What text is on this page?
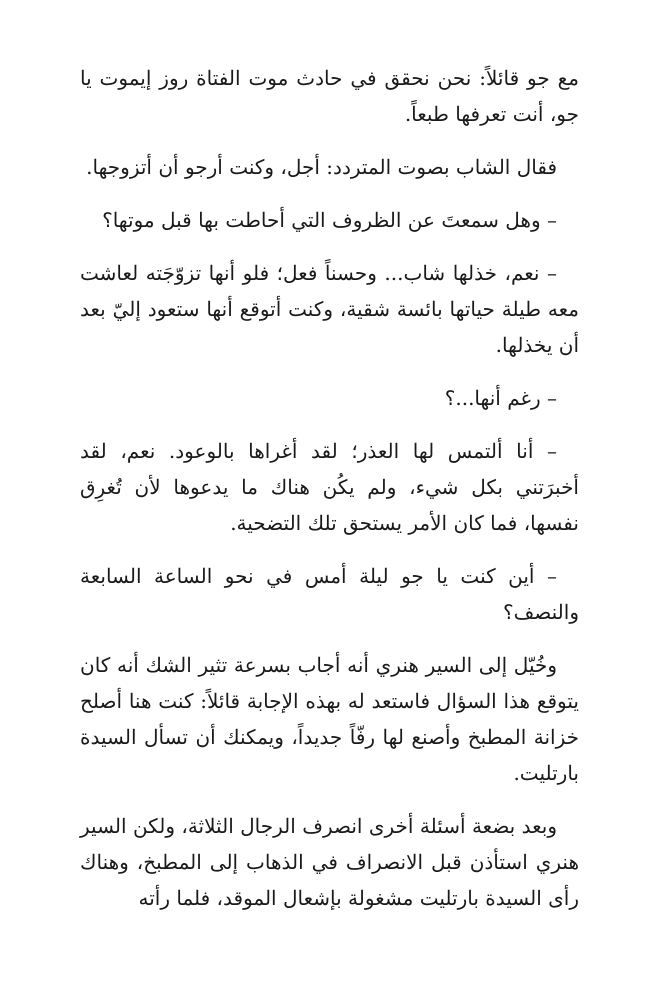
مع جو قائلاً: نحن نحقق في حادث موت الفتاة روز إيموت يا جو، أنت تعرفها طبعاً.

فقال الشاب بصوت المتردد: أجل، وكنت أرجو أن أتزوجها.

– وهل سمعتَ عن الظروف التي أحاطت بها قبل موتها؟

– نعم، خذلها شاب... وحسناً فعل؛ فلو أنها تزوّجَته لعاشت معه طيلة حياتها بائسة شقية، وكنت أتوقع أنها ستعود إليّ بعد أن يخذلها.

– رغم أنها...؟

– أنا ألتمس لها العذر؛ لقد أغراها بالوعود. نعم، لقد أخبرَتني بكل شيء، ولم يكُن هناك ما يدعوها لأن تُغرِق نفسها، فما كان الأمر يستحق تلك التضحية.

– أين كنت يا جو ليلة أمس في نحو الساعة السابعة والنصف؟

وخُيّل إلى السير هنري أنه أجاب بسرعة تثير الشك أنه كان يتوقع هذا السؤال فاستعد له بهذه الإجابة قائلاً: كنت هنا أصلح خزانة المطبخ وأصنع لها رفّاً جديداً، ويمكنك أن تسأل السيدة بارتليت.

وبعد بضعة أسئلة أخرى انصرف الرجال الثلاثة، ولكن السير هنري استأذن قبل الانصراف في الذهاب إلى المطبخ، وهناك رأى السيدة بارتليت مشغولة بإشعال الموقد، فلما رأته
